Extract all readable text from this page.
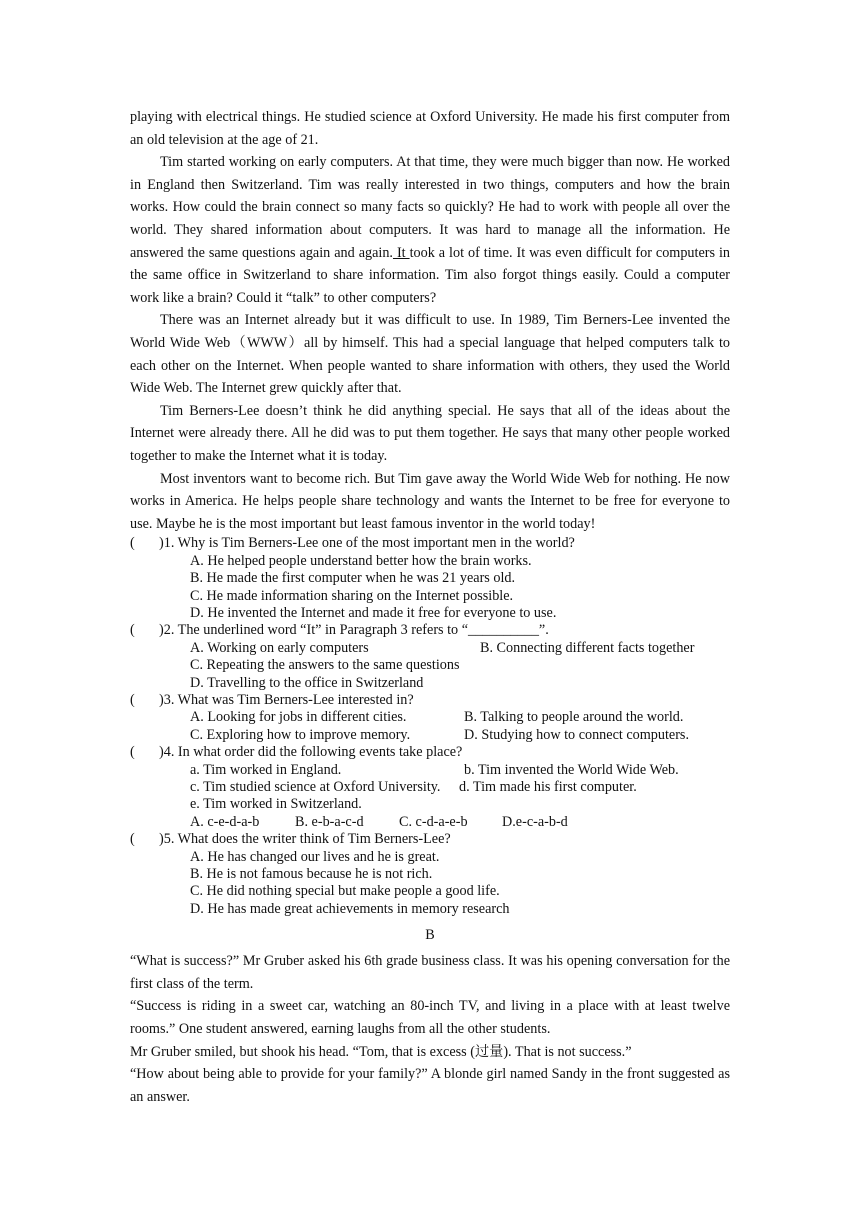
playing with electrical things. He studied science at Oxford University. He made his first computer from an old television at the age of 21.

Tim started working on early computers. At that time, they were much bigger than now. He worked in England then Switzerland. Tim was really interested in two things, computers and how the brain works. How could the brain connect so many facts so quickly? He had to work with people all over the world. They shared information about computers. It was hard to manage all the information. He answered the same questions again and again. It took a lot of time. It was even difficult for computers in the same office in Switzerland to share information. Tim also forgot things easily. Could a computer work like a brain? Could it “talk” to other computers?

There was an Internet already but it was difficult to use. In 1989, Tim Berners-Lee invented the World Wide Web（WWW）all by himself. This had a special language that helped computers talk to each other on the Internet. When people wanted to share information with others, they used the World Wide Web. The Internet grew quickly after that.

Tim Berners-Lee doesn’t think he did anything special. He says that all of the ideas about the Internet were already there. All he did was to put them together. He says that many other people worked together to make the Internet what it is today.

Most inventors want to become rich. But Tim gave away the World Wide Web for nothing. He now works in America. He helps people share technology and wants the Internet to be free for everyone to use. Maybe he is the most important but least famous inventor in the world today!

( )1. Why is Tim Berners-Lee one of the most important men in the world?

A. He helped people understand better how the brain works.

B. He made the first computer when he was 21 years old.

C. He made information sharing on the Internet possible.

D. He invented the Internet and made it free for everyone to use.

( )2. The underlined word “It” in Paragraph 3 refers to “__________”.

A. Working on early computers	B. Connecting different facts together

C. Repeating the answers to the same questions

D. Travelling to the office in Switzerland

( )3. What was Tim Berners-Lee interested in?

A. Looking for jobs in different cities.	B. Talking to people around the world.
C. Exploring how to improve memory.	D. Studying how to connect computers.

( )4. In what order did the following events take place?

a. Tim worked in England.	b. Tim invented the World Wide Web.
c. Tim studied science at Oxford University. d. Tim made his first computer.

e. Tim worked in Switzerland.

A. c-e-d-a-b	B. e-b-a-c-d C. c-d-a-e-b D.e-c-a-b-d

( )5. What does the writer think of Tim Berners-Lee?

A. He has changed our lives and he is great.

B. He is not famous because he is not rich.

C. He did nothing special but make people a good life.

D. He has made great achievements in memory research

B

“What is success?” Mr Gruber asked his 6th grade business class. It was his opening conversation for the first class of the term.

“Success is riding in a sweet car, watching an 80-inch TV, and living in a place with at least twelve rooms.” One student answered, earning laughs from all the other students.

Mr Gruber smiled, but shook his head. “Tom, that is excess (过量). That is not success.”

“How about being able to provide for your family?” A blonde girl named Sandy in the front suggested as an answer.
